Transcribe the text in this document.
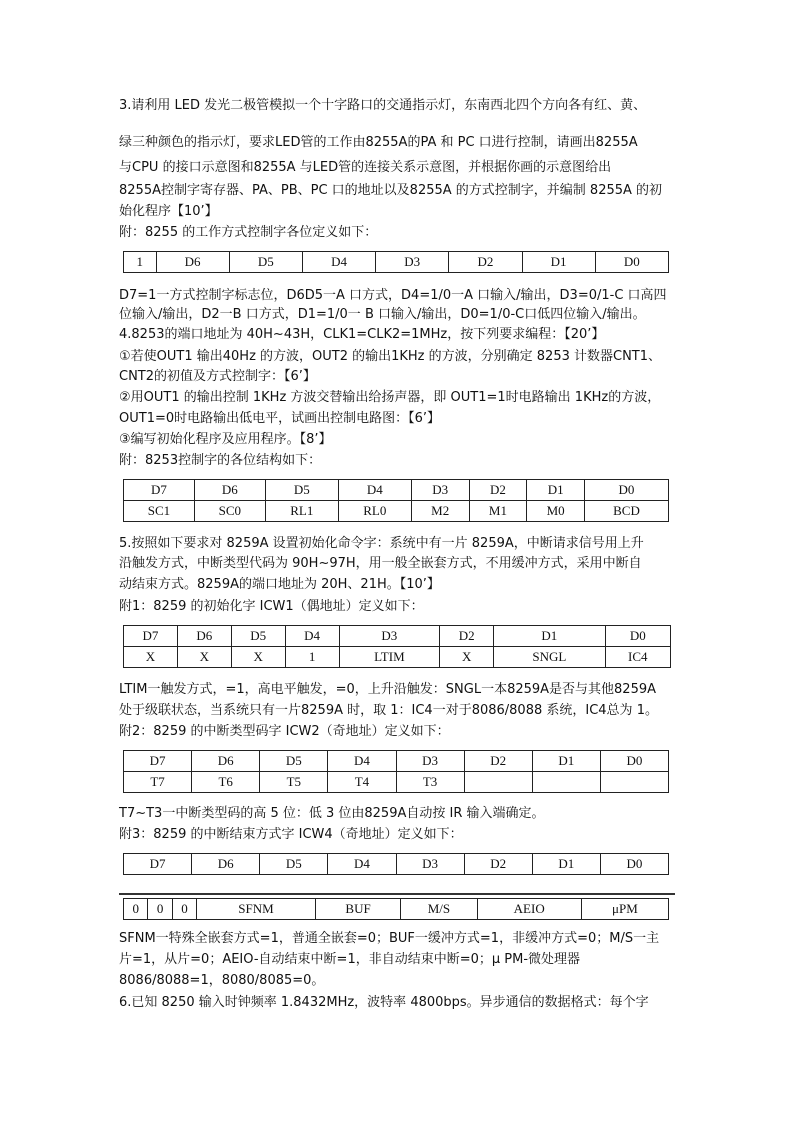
3.请利用 LED 发光二极管模拟一个十字路口的交通指示灯，东南西北四个方向各有红、黄、
绿三种颜色的指示灯，要求LED管的工作由8255A的PA 和 PC 口进行控制，请画出8255A
与CPU 的接口示意图和8255A 与LED管的连接关系示意图，并根据你画的示意图给出
8255A控制字寄存器、PA、PB、PC 口的地址以及8255A 的方式控制字，并编制 8255A 的初
始化程序【10’】
附：8255 的工作方式控制字各位定义如下：
1	D6	D5	D4	D3	D2	D1	D0
D7=1一方式控制字标志位，D6D5一A 口方式，D4=1/0一A 口输入/输出，D3=0/1-C 口高四
位输入/输出，D2一B 口方式，D1=1/0一 B 口输入/输出，D0=1/0-C口低四位输入/输出。
4.8253的端口地址为 40H~43H，CLK1=CLK2=1MHz，按下列要求编程：【20’】
①若使OUT1 输出40Hz 的方波，OUT2 的输出1KHz 的方波，分别确定 8253 计数器CNT1、
CNT2的初值及方式控制字：【6’】
②用OUT1 的输出控制 1KHz 方波交替输出给扬声器，即 OUT1=1时电路输出 1KHz的方波，
OUT1=0时电路输出低电平，试画出控制电路图：【6’】
③编写初始化程序及应用程序。【8’】
附：8253控制字的各位结构如下：
D7	D6	D5	D4	D3	D2	D1	D0
SC1	SC0	RL1	RL0	M2	M1	M0	BCD
5.按照如下要求对 8259A 设置初始化命令字：系统中有一片 8259A，中断请求信号用上升
沿触发方式，中断类型代码为 90H~97H，用一般全嵌套方式，不用缓冲方式，采用中断自
动结束方式。8259A的端口地址为 20H、21H。【10’】
附1：8259 的初始化字 ICW1（偶地址）定义如下：
D7	D6	D5	D4	D3	D2	D1	D0
X	X	X	1	LTIM	X	SNGL	IC4
LTIM一触发方式，=1，高电平触发，=0，上升沿触发：SNGL一本8259A是否与其他8259A
处于级联状态，当系统只有一片8259A 时，取 1：IC4一对于8086/8088 系统，IC4总为 1。
附2：8259 的中断类型码字 ICW2（奇地址）定义如下：
D7	D6	D5	D4	D3	D2	D1	D0
T7	T6	T5	T4	T3			
T7~T3一中断类型码的高 5 位：低 3 位由8259A自动按 IR 输入端确定。
附3：8259 的中断结束方式字 ICW4（奇地址）定义如下：
D7	D6	D5	D4	D3	D2	D1	D0
0	0	0	SFNM	BUF	M/S	AEIO	μPM
SFNM一特殊全嵌套方式=1，普通全嵌套=0；BUF一缓冲方式=1，非缓冲方式=0；M/S一主
片=1，从片=0；AEIO-自动结束中断=1，非自动结束中断=0；μ PM-微处理器
8086/8088=1，8080/8085=0。
6.已知 8250 输入时钟频率 1.8432MHz，波特率 4800bps。异步通信的数据格式：每个字
